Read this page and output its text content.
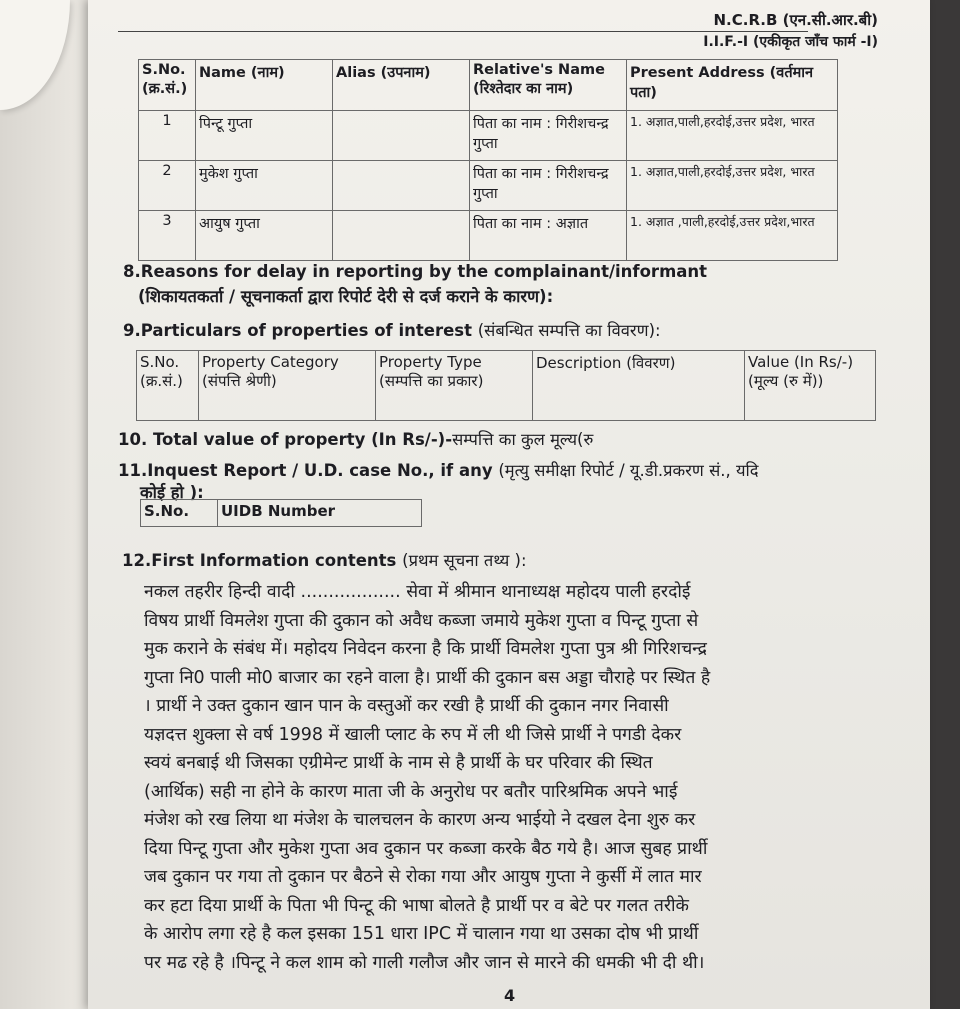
N.C.R.B (एन.सी.आर.बी)
I.I.F.-I (एकीकृत जाँच फार्म -I)
S.No. (क्र.सं.)	Name (नाम)	Alias (उपनाम)	Relative's Name (रिश्तेदार का नाम)	Present Address (वर्तमान पता)
1	पिन्टू गुप्ता		पिता का नाम : गिरीशचन्द्र गुप्ता	1. अज्ञात,पाली,हरदोई,उत्तर प्रदेश, भारत
2	मुकेश गुप्ता		पिता का नाम : गिरीशचन्द्र गुप्ता	1. अज्ञात,पाली,हरदोई,उत्तर प्रदेश, भारत
3	आयुष गुप्ता		पिता का नाम : अज्ञात	1. अज्ञात ,पाली,हरदोई,उत्तर प्रदेश,भारत
8.Reasons for delay in reporting by the complainant/informant
(शिकायतकर्ता / सूचनाकर्ता द्वारा रिपोर्ट देरी से दर्ज कराने के कारण):
9.Particulars of properties of interest (संबन्धित सम्पत्ति का विवरण):
S.No. (क्र.सं.)	Property Category (संपत्ति श्रेणी)	Property Type (सम्पत्ति का प्रकार)	Description (विवरण)	Value (In Rs/-) (मूल्य (रु में))
10. Total value of property (In Rs/-)-सम्पत्ति का कुल मूल्य(रु
11.Inquest Report / U.D. case No., if any (मृत्यु समीक्षा रिपोर्ट / यू.डी.प्रकरण सं., यदि
कोई हो ):
S.No.	UIDB Number
12.First Information contents (प्रथम सूचना तथ्य ):
नकल तहरीर हिन्दी वादी .................. सेवा में श्रीमान थानाध्यक्ष महोदय पाली हरदोई
विषय प्रार्थी विमलेश गुप्ता की दुकान को अवैध कब्जा जमाये मुकेश गुप्ता व पिन्टू गुप्ता से
मुक कराने के संबंध में। महोदय निवेदन करना है कि प्रार्थी विमलेश गुप्ता पुत्र श्री गिरिशचन्द्र
गुप्ता नि0 पाली मो0 बाजार का रहने वाला है। प्रार्थी की दुकान बस अड्डा चौराहे पर स्थित है
। प्रार्थी ने उक्त दुकान खान पान के वस्तुओं कर रखी है प्रार्थी की दुकान नगर निवासी
यज्ञदत्त शुक्ला से वर्ष 1998 में खाली प्लाट के रुप में ली थी जिसे प्रार्थी ने पगडी देकर
स्वयं बनबाई थी जिसका एग्रीमेन्ट प्रार्थी के नाम से है प्रार्थी के घर परिवार की स्थित
(आर्थिक) सही ना होने के कारण माता जी के अनुरोध पर बतौर पारिश्रमिक अपने भाई
मंजेश को रख लिया था मंजेश के चालचलन के कारण अन्य भाईयो ने दखल देना शुरु कर
दिया पिन्टू गुप्ता और मुकेश गुप्ता अव दुकान पर कब्जा करके बैठ गये है। आज सुबह प्रार्थी
जब दुकान पर गया तो दुकान पर बैठने से रोका गया और आयुष गुप्ता ने कुर्सी में लात मार
कर हटा दिया प्रार्थी के पिता भी पिन्टू की भाषा बोलते है प्रार्थी पर व बेटे पर गलत तरीके
के आरोप लगा रहे है कल इसका 151 धारा IPC में चालान गया था उसका दोष भी प्रार्थी
पर मढ रहे है ।पिन्टू ने कल शाम को गाली गलौज और जान से मारने की धमकी भी दी थी।
4
